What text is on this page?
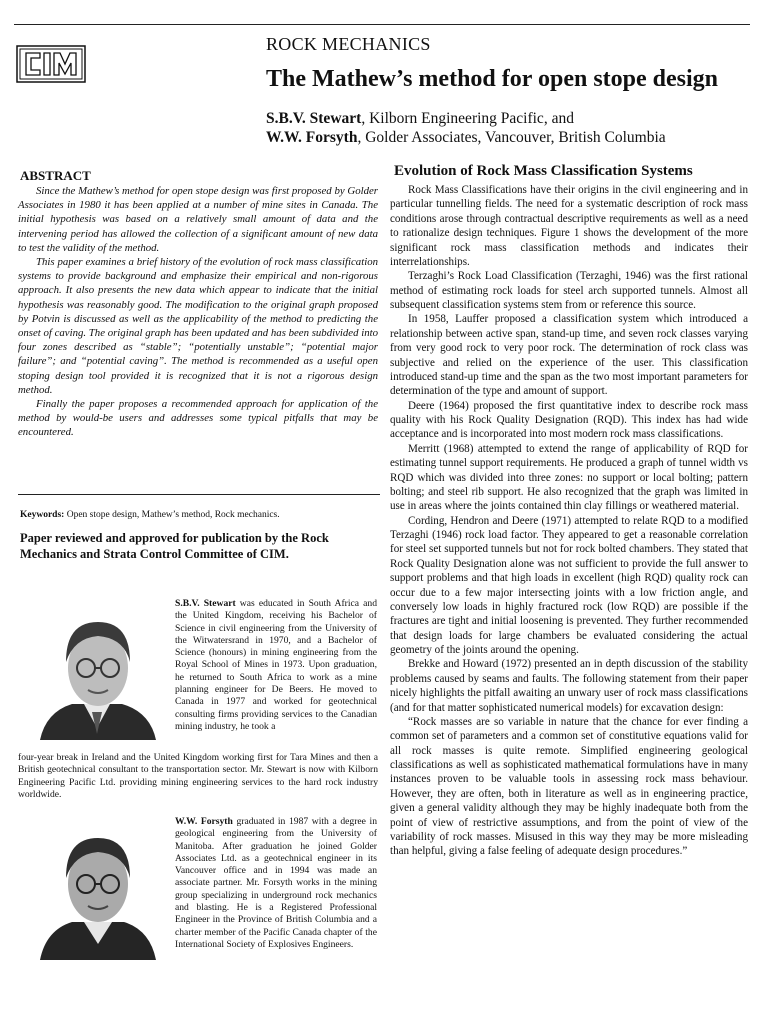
ROCK MECHANICS
The Mathew’s method for open stope design
S.B.V. Stewart, Kilborn Engineering Pacific, and
W.W. Forsyth, Golder Associates, Vancouver, British Columbia
ABSTRACT

Since the Mathew’s method for open stope design was first proposed by Golder Associates in 1980 it has been applied at a number of mine sites in Canada. The initial hypothesis was based on a relatively small amount of data and the intervening period has allowed the collection of a significant amount of new data to test the validity of the method.

This paper examines a brief history of the evolution of rock mass classification systems to provide background and emphasize their empirical and non-rigorous approach. It also presents the new data which appear to indicate that the initial hypothesis was reasonably good. The modification to the original graph proposed by Potvin is discussed as well as the applicability of the method to predicting the onset of caving. The original graph has been updated and has been subdivided into four zones described as “stable”; “potentially unstable”; “potential major failure”; and “potential caving”. The method is recommended as a useful open stoping design tool provided it is recognized that it is not a rigorous design method.

Finally the paper proposes a recommended approach for application of the method by would-be users and addresses some typical pitfalls that may be encountered.

Keywords: Open stope design, Mathew’s method, Rock mechanics.
Paper reviewed and approved for publication by the Rock Mechanics and Strata Control Committee of CIM.
S.B.V. Stewart was educated in South Africa and the United Kingdom, receiving his Bachelor of Science in civil engineering from the University of the Witwatersrand in 1970, and a Bachelor of Science (honours) in mining engineering from the Royal School of Mines in 1973. Upon graduation, he returned to South Africa to work as a mine planning engineer for De Beers. He moved to Canada in 1977 and worked for geotechnical consulting firms providing services to the Canadian mining industry, he took a
four-year break in Ireland and the United Kingdom working first for Tara Mines and then a British geotechnical consultant to the transportation sector. Mr. Stewart is now with Kilborn Engineering Pacific Ltd. providing mining engineering services to the hard rock industry worldwide.
W.W. Forsyth graduated in 1987 with a degree in geological engineering from the University of Manitoba. After graduation he joined Golder Associates Ltd. as a geotechnical engineer in its Vancouver office and in 1994 was made an associate partner. Mr. Forsyth works in the mining group specializing in underground rock mechanics and blasting. He is a Registered Professional Engineer in the Province of British Columbia and a charter member of the Pacific Canada chapter of the International Society of Explosives Engineers.
Evolution of Rock Mass Classification Systems

Rock Mass Classifications have their origins in the civil engineering and in particular tunnelling fields. The need for a systematic description of rock mass conditions arose through contractual descriptive requirements as well as a need to rationalize design techniques. Figure 1 shows the development of the more significant rock mass classification methods and indicates their interrelationships.

Terzaghi’s Rock Load Classification (Terzaghi, 1946) was the first rational method of estimating rock loads for steel arch supported tunnels. Almost all subsequent classification systems stem from or reference this source.

In 1958, Lauffer proposed a classification system which introduced a relationship between active span, stand-up time, and seven rock classes varying from very good rock to very poor rock. The determination of rock class was subjective and relied on the experience of the user. This classification introduced stand-up time and the span as the two most important parameters for determination of the type and amount of support.

Deere (1964) proposed the first quantitative index to describe rock mass quality with his Rock Quality Designation (RQD). This index has had wide acceptance and is incorporated into most modern rock mass classifications.

Merritt (1968) attempted to extend the range of applicability of RQD for estimating tunnel support requirements. He produced a graph of tunnel width vs RQD which was divided into three zones: no support or local bolting; pattern bolting; and steel rib support. He also recognized that the graph was limited in use in areas where the joints contained thin clay fillings or weathered material.

Cording, Hendron and Deere (1971) attempted to relate RQD to a modified Terzaghi (1946) rock load factor. They appeared to get a reasonable correlation for steel set supported tunnels but not for rock bolted chambers. They stated that Rock Quality Designation alone was not sufficient to provide the full answer to support problems and that high loads in excellent (high RQD) quality rock can occur due to a few major intersecting joints with a low friction angle, and conversely low loads in highly fractured rock (low RQD) are possible if the fractures are tight and initial loosening is prevented. They further recommended that design loads for large chambers be evaluated considering the actual geometry of the joints around the opening.

Brekke and Howard (1972) presented an in depth discussion of the stability problems caused by seams and faults. The following statement from their paper nicely highlights the pitfall awaiting an unwary user of rock mass classifications (and for that matter sophisticated numerical models) for excavation design:

“Rock masses are so variable in nature that the chance for ever finding a common set of parameters and a common set of constitutive equations valid for all rock masses is quite remote. Simplified engineering geological classifications as well as sophisticated mathematical formulations have in many instances proven to be valuable tools in assessing rock mass behaviour. However, they are often, both in literature as well as in engineering practice, given a general validity although they may be highly inadequate both from the point of view of restrictive assumptions, and from the point of view of the variability of rock masses. Misused in this way they may be more misleading than helpful, giving a false feeling of adequate design procedures.”
